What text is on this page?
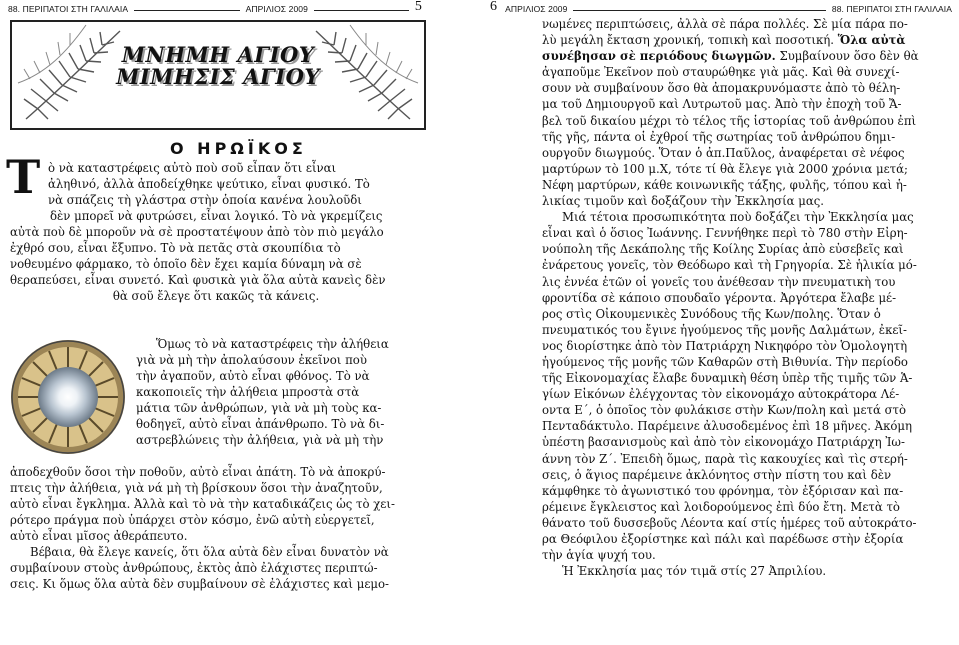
88. ΠΕΡΙΠΑΤΟΙ ΣΤΗ ΓΑΛΙΛΑΙΑ	ΑΠΡΙΛΙΟΣ 2009	5
ΜΝΗΜΗ ΑΓΙΟΥ
ΜΙΜΗΣΙΣ ΑΓΙΟΥ
Ο ΗΡΩΪΚΟΣ
Τ ὸ νὰ καταστρέφεις αὐτὸ ποὺ σοῦ εἶπαν ὅτι εἶναι

ἀληθινό, ἀλλὰ ἀποδείχθηκε ψεύτικο, εἶναι φυσικό. Τὸ

νὰ σπάζεις τὴ γλάστρα στὴν ὁποία κανένα λουλοῦδι

δὲν μπορεῖ νὰ φυτρώσει, εἶναι λογικό. Τὸ νὰ γκρεμίζεις

αὐτὰ ποὺ δὲ μποροῦν νὰ σὲ προστατέψουν ἀπὸ τὸν πιὸ μεγάλο

ἐχθρό σου, εἶναι ἔξυπνο. Τὸ νὰ πετᾶς στὰ σκουπίδια τὸ

νοθευμένο φάρμακο, τὸ ὁποῖο δὲν ἔχει καμία δύναμη νὰ σὲ

θεραπεύσει, εἶναι συνετό. Καὶ φυσικὰ γιὰ ὅλα αὐτὰ κανεὶς δὲν

θὰ σοῦ ἔλεγε ὅτι κακῶς τὰ κάνεις.

Ὅμως τὸ νὰ καταστρέφεις τὴν ἀλήθεια

γιὰ νὰ μὴ τὴν ἀπολαύσουν ἐκεῖνοι ποὺ

τὴν ἀγαποῦν, αὐτὸ εἶναι φθόνος. Τὸ νὰ

κακοποιεῖς τὴν ἀλήθεια μπροστὰ στὰ

μάτια τῶν ἀνθρώπων, γιὰ νὰ μὴ τοὺς κα-

θοδηγεῖ, αὐτὸ εἶναι ἀπάνθρωπο. Τὸ νὰ δι-

αστρεβλώνεις τὴν ἀλήθεια, γιὰ νὰ μὴ τὴν

ἀποδεχθοῦν ὅσοι τὴν ποθοῦν, αὐτὸ εἶναι ἀπάτη. Τὸ νὰ ἀποκρύ-

πτεις τὴν ἀλήθεια, γιὰ νά μὴ τὴ βρίσκουν ὅσοι τὴν ἀναζητοῦν,

αὐτὸ εἶναι ἔγκλημα. Ἀλλὰ καὶ τὸ νὰ τὴν καταδικάζεις ὡς τὸ χει-

ρότερο πράγμα ποὺ ὑπάρχει στὸν κόσμο, ἐνῶ αὐτὴ εὐεργετεῖ,

αὐτὸ εἶναι μῖσος ἀθεράπευτο.

Βέβαια, θὰ ἔλεγε κανείς, ὅτι ὅλα αὐτὰ δὲν εἶναι δυνατὸν νὰ

συμβαίνουν στοὺς ἀνθρώπους, ἐκτὸς ἀπὸ ἐλάχιστες περιπτώ-

σεις. Κι ὅμως ὅλα αὐτὰ δὲν συμβαίνουν σὲ ἐλάχιστες καὶ μεμο-

6 ΑΠΡΙΛΙΟΣ 2009	88. ΠΕΡΙΠΑΤΟΙ ΣΤΗ ΓΑΛΙΛΑΙΑ

νωμένες περιπτώσεις, ἀλλὰ σὲ πάρα πολλές. Σὲ μία πάρα πο-

λὺ μεγάλη ἔκταση χρονική, τοπικὴ καὶ ποσοτική. Ὅλα αὐτὰ

συνέβησαν σὲ περιόδους διωγμῶν. Συμβαίνουν ὅσο δὲν θὰ

ἀγαποῦμε Ἐκεῖνον ποὺ σταυρώθηκε γιὰ μᾶς. Καὶ θὰ συνεχί-

σουν νὰ συμβαίνουν ὅσο θὰ ἀπομακρυνόμαστε ἀπὸ τὸ θέλη-

μα τοῦ Δημιουργοῦ καὶ Λυτρωτοῦ μας. Ἀπὸ τὴν ἐποχὴ τοῦ Ἄ-

βελ τοῦ δικαίου μέχρι τὸ τέλος τῆς ἱστορίας τοῦ ἀνθρώπου ἐπὶ

τῆς γῆς, πάντα οἱ ἐχθροί τῆς σωτηρίας τοῦ ἀνθρώπου δημι-

ουργοῦν διωγμούς. Ὅταν ὁ ἀπ.Παῦλος, ἀναφέρεται σὲ νέφος

μαρτύρων τὸ 100 μ.Χ, τότε τί θὰ ἔλεγε γιὰ 2000 χρόνια μετά;

Νέφη μαρτύρων, κάθε κοινωνικῆς τάξης, φυλῆς, τόπου καὶ ἡ-

λικίας τιμοῦν καὶ δοξάζουν τὴν Ἐκκλησία μας.

Μιά τέτοια προσωπικότητα ποὺ δοξάζει τὴν Ἐκκλησία μας

εἶναι καὶ ὁ ὅσιος Ἰωάννης. Γεννήθηκε περὶ τὸ 780 στὴν Εἰρη-

νούπολη τῆς Δεκάπολης τῆς Κοίλης Συρίας ἀπὸ εὐσεβεῖς καὶ

ἐνάρετους γονεῖς, τὸν Θεόδωρο καὶ τὴ Γρηγορία. Σὲ ἡλικία μό-

λις ἐννέα ἐτῶν οἱ γονεῖς του ἀνέθεσαν τὴν πνευματικὴ του

φροντίδα σὲ κάποιο σπουδαῖο γέροντα. Ἀργότερα ἔλαβε μέ-

ρος στὶς Οἰκουμενικὲς Συνόδους τῆς Κων/πολης. Ὅταν ὁ

πνευματικός του ἔγινε ἡγούμενος τῆς μονῆς Δαλμάτων, ἐκεῖ-

νος διορίστηκε ἀπὸ τὸν Πατριάρχη Νικηφόρο τὸν Ὁμολογητὴ

ἡγούμενος τῆς μονῆς τῶν Καθαρῶν στὴ Βιθυνία. Τὴν περίοδο

τῆς Εἰκονομαχίας ἔλαβε δυναμικὴ θέση ὑπὲρ τῆς τιμῆς τῶν Ἁ-

γίων Εἰκόνων ἐλέγχοντας τὸν εἰκονομάχο αὐτοκράτορα Λέ-

οντα Ε΄, ὁ ὁποῖος τὸν φυλάκισε στὴν Κων/πολη καὶ μετά στὸ

Πενταδάκτυλο. Παρέμεινε ἀλυσοδεμένος ἐπὶ 18 μῆνες. Ἀκόμη

ὑπέστη βασανισμοὺς καὶ ἀπὸ τὸν εἰκονομάχο Πατριάρχη Ἰω-

άννη τὸν Ζ΄. Ἐπειδὴ ὅμως, παρὰ τὶς κακουχίες καὶ τὶς στερή-

σεις, ὁ ἅγιος παρέμεινε ἀκλόνητος στὴν πίστη του καὶ δὲν

κάμφθηκε τὸ ἀγωνιστικό του φρόνημα, τὸν ἐξόρισαν καὶ πα-

ρέμεινε ἔγκλειστος καὶ λοιδορούμενος ἐπὶ δύο ἔτη. Μετὰ τὸ

θάνατο τοῦ δυσσεβοῦς Λέοντα καί στίς ἡμέρες τοῦ αὐτοκράτο-

ρα Θεόφιλου ἐξορίστηκε καὶ πάλι καὶ παρέδωσε στὴν ἐξορία

τὴν ἁγία ψυχή του.

Ἡ Ἐκκλησία μας τόν τιμᾶ στίς 27 Ἀπριλίου.
